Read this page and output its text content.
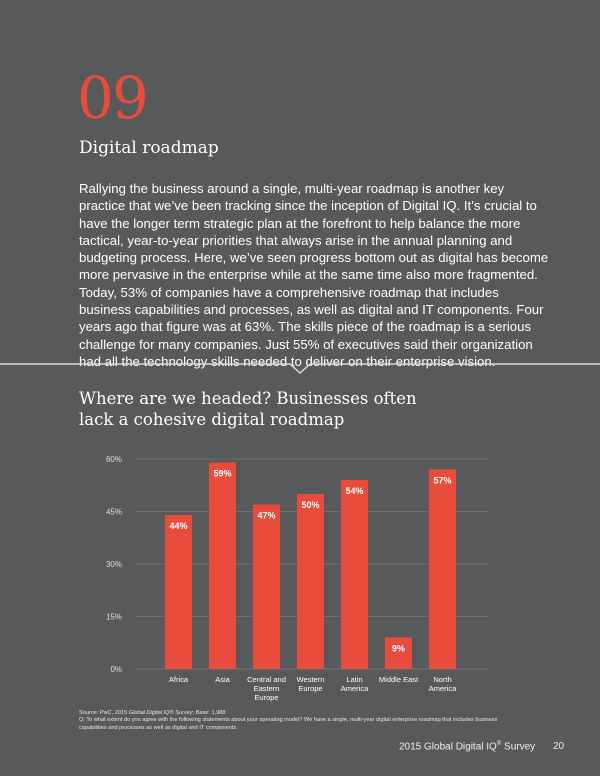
09
Digital roadmap
Rallying the business around a single, multi-year roadmap is another key practice that we’ve been tracking since the inception of Digital IQ. It’s crucial to have the longer term strategic plan at the forefront to help balance the more tactical, year-to-year priorities that always arise in the annual planning and budgeting process. Here, we’ve seen progress bottom out as digital has become more pervasive in the enterprise while at the same time also more fragmented. Today, 53% of companies have a comprehensive roadmap that includes business capabilities and processes, as well as digital and IT components. Four years ago that figure was at 63%. The skills piece of the roadmap is a serious challenge for many companies. Just 55% of executives said their organization had all the technology skills needed to deliver on their enterprise vision.
Where are we headed? Businesses often lack a cohesive digital roadmap
0%
15%
30%
45%
60%
44%
Africa
59%
Asia
47%
Central and
Eastern
Europe
50%
Western
Europe
54%
Latin
America
9%
Middle East
57%
North
America
Source: PwC, 2015 Global Digital IQ® Survey; Base: 1,988
Q: To what extent do you agree with the following statements about your operating model? We have a single, multi-year digital enterprise roadmap that includes business capabilities and processes as well as digital and IT components.
2015 Global Digital IQ® Survey 20
